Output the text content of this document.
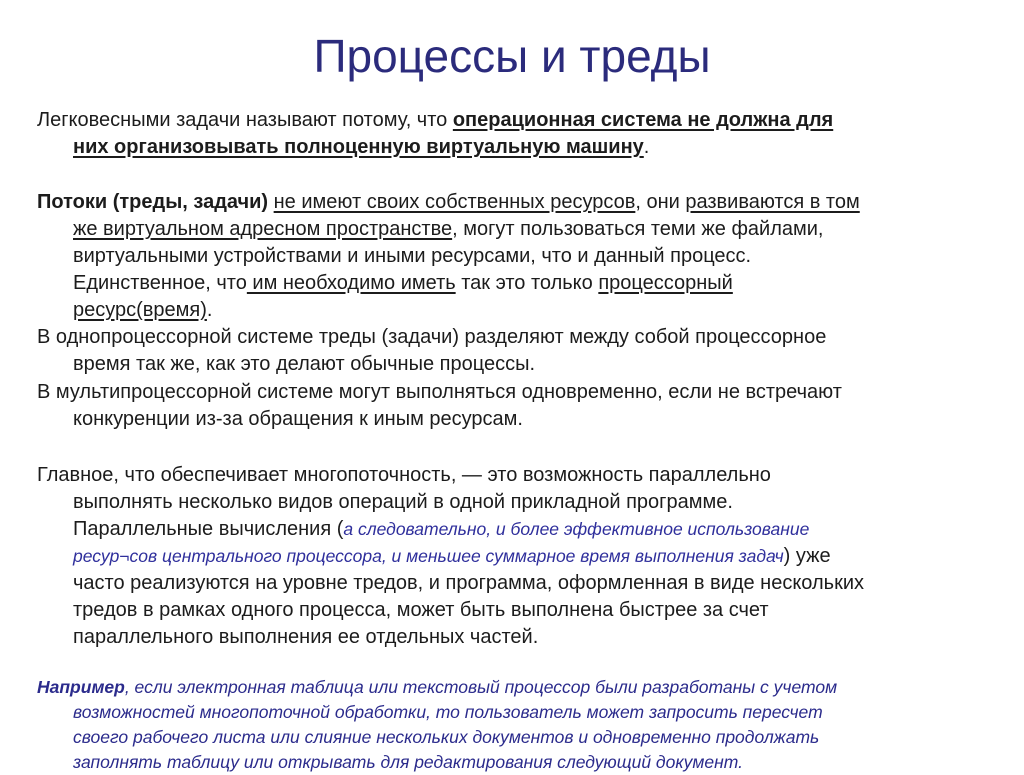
Процессы и треды
Легковесными задачи называют потому, что операционная система не должна для
них организовывать полноценную виртуальную машину.
Потоки (треды, задачи) не имеют своих собственных ресурсов, они развиваются в том
же виртуальном адресном пространстве, могут пользоваться теми же файлами,
виртуальными устройствами и иными ресурсами, что и данный процесс.
Единственное, что им необходимо иметь так это только процессорный
ресурс(время).
В однопроцессорной системе треды (задачи) разделяют между собой процессорное
время так же, как это делают обычные процессы.
В мультипроцессорной системе могут выполняться одновременно, если не встречают
конкуренции из-за обращения к иным ресурсам.
Главное, что обеспечивает многопоточность, — это возможность параллельно
выполнять несколько видов операций в одной прикладной программе.
Параллельные вычисления (а следовательно, и более эффективное использование
ресур¬сов центрального процессора, и меньшее суммарное время выполнения задач) уже
часто реализуются на уровне тредов, и программа, оформленная в виде нескольких
тредов в рамках одного процесса, может быть выполнена быстрее за счет
параллельного выполнения ее отдельных частей.
Например, если электронная таблица или текстовый процессор были разработаны с учетом
возможностей многопоточной обработки, то пользователь может запросить пересчет
своего рабочего листа или слияние нескольких документов и одновременно продолжать
заполнять таблицу или открывать для редактирования следующий документ.
